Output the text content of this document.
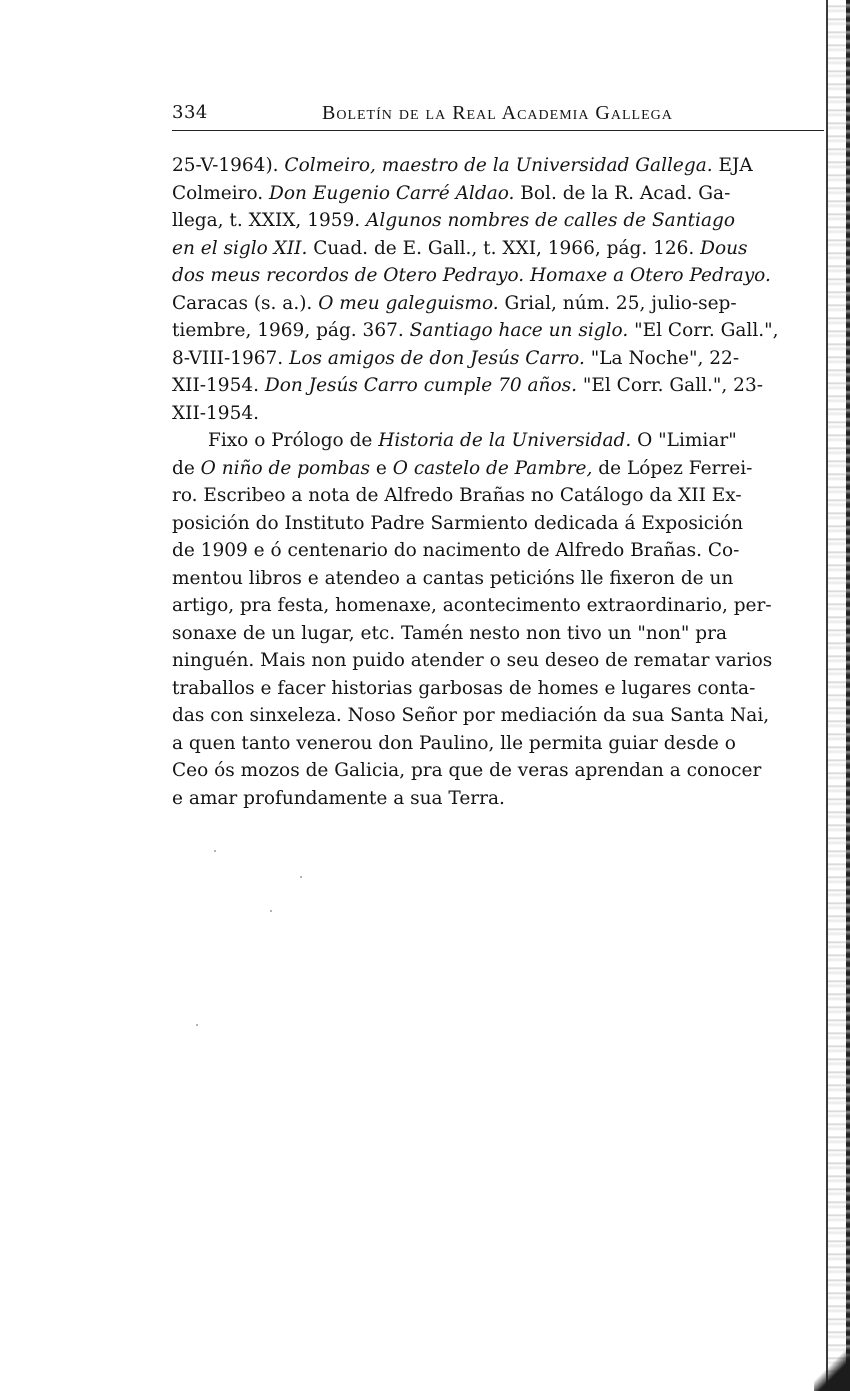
334	Boletín de la Real Academia Gallega
25-V-1964). Colmeiro, maestro de la Universidad Gallega. EJA
Colmeiro. Don Eugenio Carré Aldao. Bol. de la R. Acad. Ga-
llega, t. XXIX, 1959. Algunos nombres de calles de Santiago
en el siglo XII. Cuad. de E. Gall., t. XXI, 1966, pág. 126. Dous
dos meus recordos de Otero Pedrayo. Homaxe a Otero Pedrayo.
Caracas (s. a.). O meu galeguismo. Grial, núm. 25, julio-sep-
tiembre, 1969, pág. 367. Santiago hace un siglo. "El Corr. Gall.",
8-VIII-1967. Los amigos de don Jesús Carro. "La Noche", 22-
XII-1954. Don Jesús Carro cumple 70 años. "El Corr. Gall.", 23-
XII-1954.
Fixo o Prólogo de Historia de la Universidad. O "Limiar"
de O niño de pombas e O castelo de Pambre, de López Ferrei-
ro. Escribeo a nota de Alfredo Brañas no Catálogo da XII Ex-
posición do Instituto Padre Sarmiento dedicada á Exposición
de 1909 e ó centenario do nacimento de Alfredo Brañas. Co-
mentou libros e atendeo a cantas peticións lle fixeron de un
artigo, pra festa, homenaxe, acontecimento extraordinario, per-
sonaxe de un lugar, etc. Tamén nesto non tivo un "non" pra
ninguén. Mais non puido atender o seu deseo de rematar varios
traballos e facer historias garbosas de homes e lugares conta-
das con sinxeleza. Noso Señor por mediación da sua Santa Nai,
a quen tanto venerou don Paulino, lle permita guiar desde o
Ceo ós mozos de Galicia, pra que de veras aprendan a conocer
e amar profundamente a sua Terra.
